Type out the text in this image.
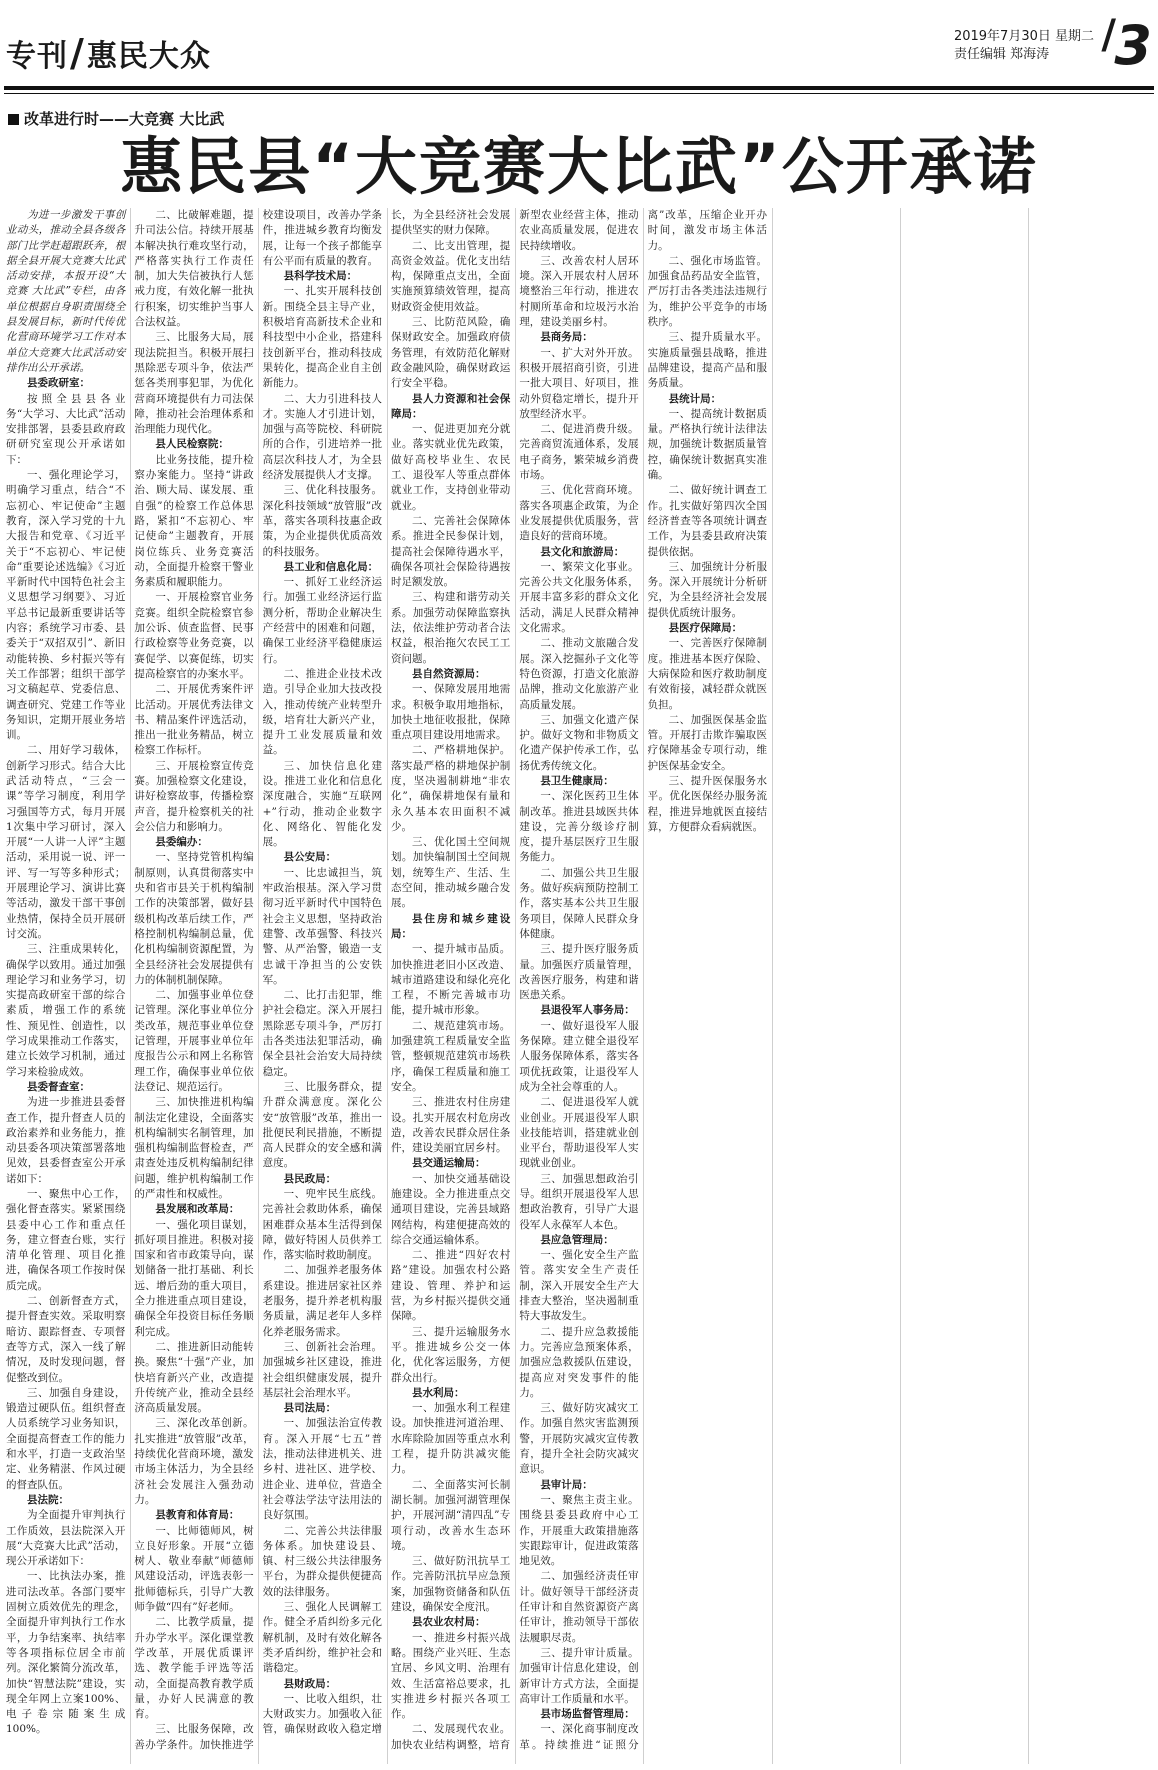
专刊/惠民大众
2019年7月30日 星期二
责任编辑 郑海涛	/
3
改革进行时——大竞赛 大比武
惠民县“大竞赛大比武”公开承诺

为进一步激发干事创业动头，推动全县各级各部门比学赶超跟跃奔，根据全县开展大竞赛大比武活动安排，本报开设“大竞赛 大比武”专栏，由各单位根据自身职责围绕全县发展目标，新时代传优化营商环境学习工作对本单位大竞赛大比武活动安排作出公开承诺。

县委政研室：

按照全县县各业务“大学习、大比武”活动安排部署，县委县政府政研研究室现公开承诺如下：

一、强化理论学习，明确学习重点，结合“不忘初心、牢记使命”主题教育，深入学习党的十九大报告和党章、《习近平关于“不忘初心、牢记使命”重要论述选编》《习近平新时代中国特色社会主义思想学习纲要》、习近平总书记最新重要讲话等内容；系统学习市委、县委关于“双招双引”、新旧动能转换、乡村振兴等有关工作部署；组织干部学习文稿起草、党委信息、调查研究、党建工作等业务知识，定期开展业务培训。

二、用好学习载体，创新学习形式。结合大比武活动特点，“三会一课”等学习制度，利用学习强国等方式，每月开展1次集中学习研讨，深入开展“一人讲一人评”主题活动，采用说一说、评一评、写一写等多种形式；开展理论学习、演讲比赛等活动，激发干部干事创业热情，保持全员开展研讨交流。

三、注重成果转化，确保学以致用。通过加强理论学习和业务学习，切实提高政研室干部的综合素质，增强工作的系统性、预见性、创造性，以学习成果推动工作落实，建立长效学习机制，通过学习来检验成效。

县委督查室：

为进一步推进县委督查工作，提升督查人员的政治素养和业务能力，推动县委各项决策部署落地见效，县委督查室公开承诺如下：

一、聚焦中心工作，强化督查落实。紧紧围绕县委中心工作和重点任务，建立督查台账，实行清单化管理、项目化推进，确保各项工作按时保质完成。

二、创新督查方式，提升督查实效。采取明察暗访、跟踪督查、专项督查等方式，深入一线了解情况，及时发现问题，督促整改到位。

三、加强自身建设，锻造过硬队伍。组织督查人员系统学习业务知识，全面提高督查工作的能力和水平，打造一支政治坚定、业务精湛、作风过硬的督查队伍。

县法院：

为全面提升审判执行工作质效，县法院深入开展“大竞赛大比武”活动，现公开承诺如下：

一、比执法办案，推进司法改革。各部门要牢固树立质效优先的理念，全面提升审判执行工作水平，力争结案率、执结率等各项指标位居全市前列。深化繁简分流改革，加快“智慧法院”建设，实现全年网上立案100%、电子卷宗随案生成100%。

二、比破解难题，提升司法公信。持续开展基本解决执行难攻坚行动，严格落实执行工作责任制，加大失信被执行人惩戒力度，有效化解一批执行积案，切实维护当事人合法权益。

三、比服务大局，展现法院担当。积极开展扫黑除恶专项斗争，依法严惩各类刑事犯罪，为优化营商环境提供有力司法保障，推动社会治理体系和治理能力现代化。

县人民检察院：

比业务技能，提升检察办案能力。坚持“讲政治、顾大局、谋发展、重自强”的检察工作总体思路，紧扣“不忘初心、牢记使命”主题教育，开展岗位练兵、业务竞赛活动，全面提升检察干警业务素质和履职能力。

一、开展检察官业务竞赛。组织全院检察官参加公诉、侦查监督、民事行政检察等业务竞赛，以赛促学、以赛促练，切实提高检察官的办案水平。

二、开展优秀案件评比活动。开展优秀法律文书、精品案件评选活动，推出一批业务精品，树立检察工作标杆。

三、开展检察宣传竞赛。加强检察文化建设，讲好检察故事，传播检察声音，提升检察机关的社会公信力和影响力。

县委编办：

一、坚持党管机构编制原则，认真贯彻落实中央和省市县关于机构编制工作的决策部署，做好县级机构改革后续工作，严格控制机构编制总量，优化机构编制资源配置，为全县经济社会发展提供有力的体制机制保障。

二、加强事业单位登记管理。深化事业单位分类改革，规范事业单位登记管理，开展事业单位年度报告公示和网上名称管理工作，确保事业单位依法登记、规范运行。

三、加快推进机构编制法定化建设，全面落实机构编制实名制管理，加强机构编制监督检查，严肃查处违反机构编制纪律问题，维护机构编制工作的严肃性和权威性。

县发展和改革局：

一、强化项目谋划，抓好项目推进。积极对接国家和省市政策导向，谋划储备一批打基础、利长远、增后劲的重大项目，全力推进重点项目建设，确保全年投资目标任务顺利完成。

二、推进新旧动能转换。聚焦“十强”产业，加快培育新兴产业，改造提升传统产业，推动全县经济高质量发展。

三、深化改革创新。扎实推进“放管服”改革，持续优化营商环境，激发市场主体活力，为全县经济社会发展注入强劲动力。

县教育和体育局：

一、比师德师风，树立良好形象。开展“立德树人、敬业奉献”师德师风建设活动，评选表彰一批师德标兵，引导广大教师争做“四有”好老师。

二、比教学质量，提升办学水平。深化课堂教学改革，开展优质课评选、教学能手评选等活动，全面提高教育教学质量，办好人民满意的教育。

三、比服务保障，改善办学条件。加快推进学校建设项目，改善办学条件，推进城乡教育均衡发展，让每一个孩子都能享有公平而有质量的教育。

县科学技术局：

一、扎实开展科技创新。围绕全县主导产业，积极培育高新技术企业和科技型中小企业，搭建科技创新平台，推动科技成果转化，提高企业自主创新能力。

二、大力引进科技人才。实施人才引进计划，加强与高等院校、科研院所的合作，引进培养一批高层次科技人才，为全县经济发展提供人才支撑。

三、优化科技服务。深化科技领域“放管服”改革，落实各项科技惠企政策，为企业提供优质高效的科技服务。

县工业和信息化局：

一、抓好工业经济运行。加强工业经济运行监测分析，帮助企业解决生产经营中的困难和问题，确保工业经济平稳健康运行。

二、推进企业技术改造。引导企业加大技改投入，推动传统产业转型升级，培育壮大新兴产业，提升工业发展质量和效益。

三、加快信息化建设。推进工业化和信息化深度融合，实施“互联网+”行动，推动企业数字化、网络化、智能化发展。

县公安局：

一、比忠诚担当，筑牢政治根基。深入学习贯彻习近平新时代中国特色社会主义思想，坚持政治建警、改革强警、科技兴警、从严治警，锻造一支忠诚干净担当的公安铁军。

二、比打击犯罪，维护社会稳定。深入开展扫黑除恶专项斗争，严厉打击各类违法犯罪活动，确保全县社会治安大局持续稳定。

三、比服务群众，提升群众满意度。深化公安“放管服”改革，推出一批便民利民措施，不断提高人民群众的安全感和满意度。

县民政局：

一、兜牢民生底线。完善社会救助体系，确保困难群众基本生活得到保障，做好特困人员供养工作，落实临时救助制度。

二、加强养老服务体系建设。推进居家社区养老服务，提升养老机构服务质量，满足老年人多样化养老服务需求。

三、创新社会治理。加强城乡社区建设，推进社会组织健康发展，提升基层社会治理水平。

县司法局：

一、加强法治宣传教育。深入开展“七五”普法，推动法律进机关、进乡村、进社区、进学校、进企业、进单位，营造全社会尊法学法守法用法的良好氛围。

二、完善公共法律服务体系。加快建设县、镇、村三级公共法律服务平台，为群众提供便捷高效的法律服务。

三、强化人民调解工作。健全矛盾纠纷多元化解机制，及时有效化解各类矛盾纠纷，维护社会和谐稳定。

县财政局：

一、比收入组织，壮大财政实力。加强收入征管，确保财政收入稳定增长，为全县经济社会发展提供坚实的财力保障。

二、比支出管理，提高资金效益。优化支出结构，保障重点支出，全面实施预算绩效管理，提高财政资金使用效益。

三、比防范风险，确保财政安全。加强政府债务管理，有效防范化解财政金融风险，确保财政运行安全平稳。

县人力资源和社会保障局：

一、促进更加充分就业。落实就业优先政策，做好高校毕业生、农民工、退役军人等重点群体就业工作，支持创业带动就业。

二、完善社会保障体系。推进全民参保计划，提高社会保障待遇水平，确保各项社会保险待遇按时足额发放。

三、构建和谐劳动关系。加强劳动保障监察执法，依法维护劳动者合法权益，根治拖欠农民工工资问题。

县自然资源局：

一、保障发展用地需求。积极争取用地指标，加快土地征收报批，保障重点项目建设用地需求。

二、严格耕地保护。落实最严格的耕地保护制度，坚决遏制耕地“非农化”，确保耕地保有量和永久基本农田面积不减少。

三、优化国土空间规划。加快编制国土空间规划，统筹生产、生活、生态空间，推动城乡融合发展。

县住房和城乡建设局：

一、提升城市品质。加快推进老旧小区改造、城市道路建设和绿化亮化工程，不断完善城市功能，提升城市形象。

二、规范建筑市场。加强建筑工程质量安全监管，整顿规范建筑市场秩序，确保工程质量和施工安全。

三、推进农村住房建设。扎实开展农村危房改造，改善农民群众居住条件，建设美丽宜居乡村。

县交通运输局：

一、加快交通基础设施建设。全力推进重点交通项目建设，完善县域路网结构，构建便捷高效的综合交通运输体系。

二、推进“四好农村路”建设。加强农村公路建设、管理、养护和运营，为乡村振兴提供交通保障。

三、提升运输服务水平。推进城乡公交一体化，优化客运服务，方便群众出行。

县水利局：

一、加强水利工程建设。加快推进河道治理、水库除险加固等重点水利工程，提升防洪减灾能力。

二、全面落实河长制湖长制。加强河湖管理保护，开展河湖“清四乱”专项行动，改善水生态环境。

三、做好防汛抗旱工作。完善防汛抗旱应急预案，加强物资储备和队伍建设，确保安全度汛。

县农业农村局：

一、推进乡村振兴战略。围绕产业兴旺、生态宜居、乡风文明、治理有效、生活富裕总要求，扎实推进乡村振兴各项工作。

二、发展现代农业。加快农业结构调整，培育新型农业经营主体，推动农业高质量发展，促进农民持续增收。

三、改善农村人居环境。深入开展农村人居环境整治三年行动，推进农村厕所革命和垃圾污水治理，建设美丽乡村。

县商务局：

一、扩大对外开放。积极开展招商引资，引进一批大项目、好项目，推动外贸稳定增长，提升开放型经济水平。

二、促进消费升级。完善商贸流通体系，发展电子商务，繁荣城乡消费市场。

三、优化营商环境。落实各项惠企政策，为企业发展提供优质服务，营造良好的营商环境。

县文化和旅游局：

一、繁荣文化事业。完善公共文化服务体系，开展丰富多彩的群众文化活动，满足人民群众精神文化需求。

二、推动文旅融合发展。深入挖掘孙子文化等特色资源，打造文化旅游品牌，推动文化旅游产业高质量发展。

三、加强文化遗产保护。做好文物和非物质文化遗产保护传承工作，弘扬优秀传统文化。

县卫生健康局：

一、深化医药卫生体制改革。推进县域医共体建设，完善分级诊疗制度，提升基层医疗卫生服务能力。

二、加强公共卫生服务。做好疾病预防控制工作，落实基本公共卫生服务项目，保障人民群众身体健康。

三、提升医疗服务质量。加强医疗质量管理，改善医疗服务，构建和谐医患关系。

县退役军人事务局：

一、做好退役军人服务保障。建立健全退役军人服务保障体系，落实各项优抚政策，让退役军人成为全社会尊重的人。

二、促进退役军人就业创业。开展退役军人职业技能培训，搭建就业创业平台，帮助退役军人实现就业创业。

三、加强思想政治引导。组织开展退役军人思想政治教育，引导广大退役军人永葆军人本色。

县应急管理局：

一、强化安全生产监管。落实安全生产责任制，深入开展安全生产大排查大整治，坚决遏制重特大事故发生。

二、提升应急救援能力。完善应急预案体系，加强应急救援队伍建设，提高应对突发事件的能力。

三、做好防灾减灾工作。加强自然灾害监测预警，开展防灾减灾宣传教育，提升全社会防灾减灾意识。

县审计局：

一、聚焦主责主业。围绕县委县政府中心工作，开展重大政策措施落实跟踪审计，促进政策落地见效。

二、加强经济责任审计。做好领导干部经济责任审计和自然资源资产离任审计，推动领导干部依法履职尽责。

三、提升审计质量。加强审计信息化建设，创新审计方式方法，全面提高审计工作质量和水平。

县市场监督管理局：

一、深化商事制度改革。持续推进“证照分离”改革，压缩企业开办时间，激发市场主体活力。

二、强化市场监管。加强食品药品安全监管，严厉打击各类违法违规行为，维护公平竞争的市场秩序。

三、提升质量水平。实施质量强县战略，推进品牌建设，提高产品和服务质量。

县统计局：

一、提高统计数据质量。严格执行统计法律法规，加强统计数据质量管控，确保统计数据真实准确。

二、做好统计调查工作。扎实做好第四次全国经济普查等各项统计调查工作，为县委县政府决策提供依据。

三、加强统计分析服务。深入开展统计分析研究，为全县经济社会发展提供优质统计服务。

县医疗保障局：

一、完善医疗保障制度。推进基本医疗保险、大病保险和医疗救助制度有效衔接，减轻群众就医负担。

二、加强医保基金监管。开展打击欺诈骗取医疗保障基金专项行动，维护医保基金安全。

三、提升医保服务水平。优化医保经办服务流程，推进异地就医直接结算，方便群众看病就医。
